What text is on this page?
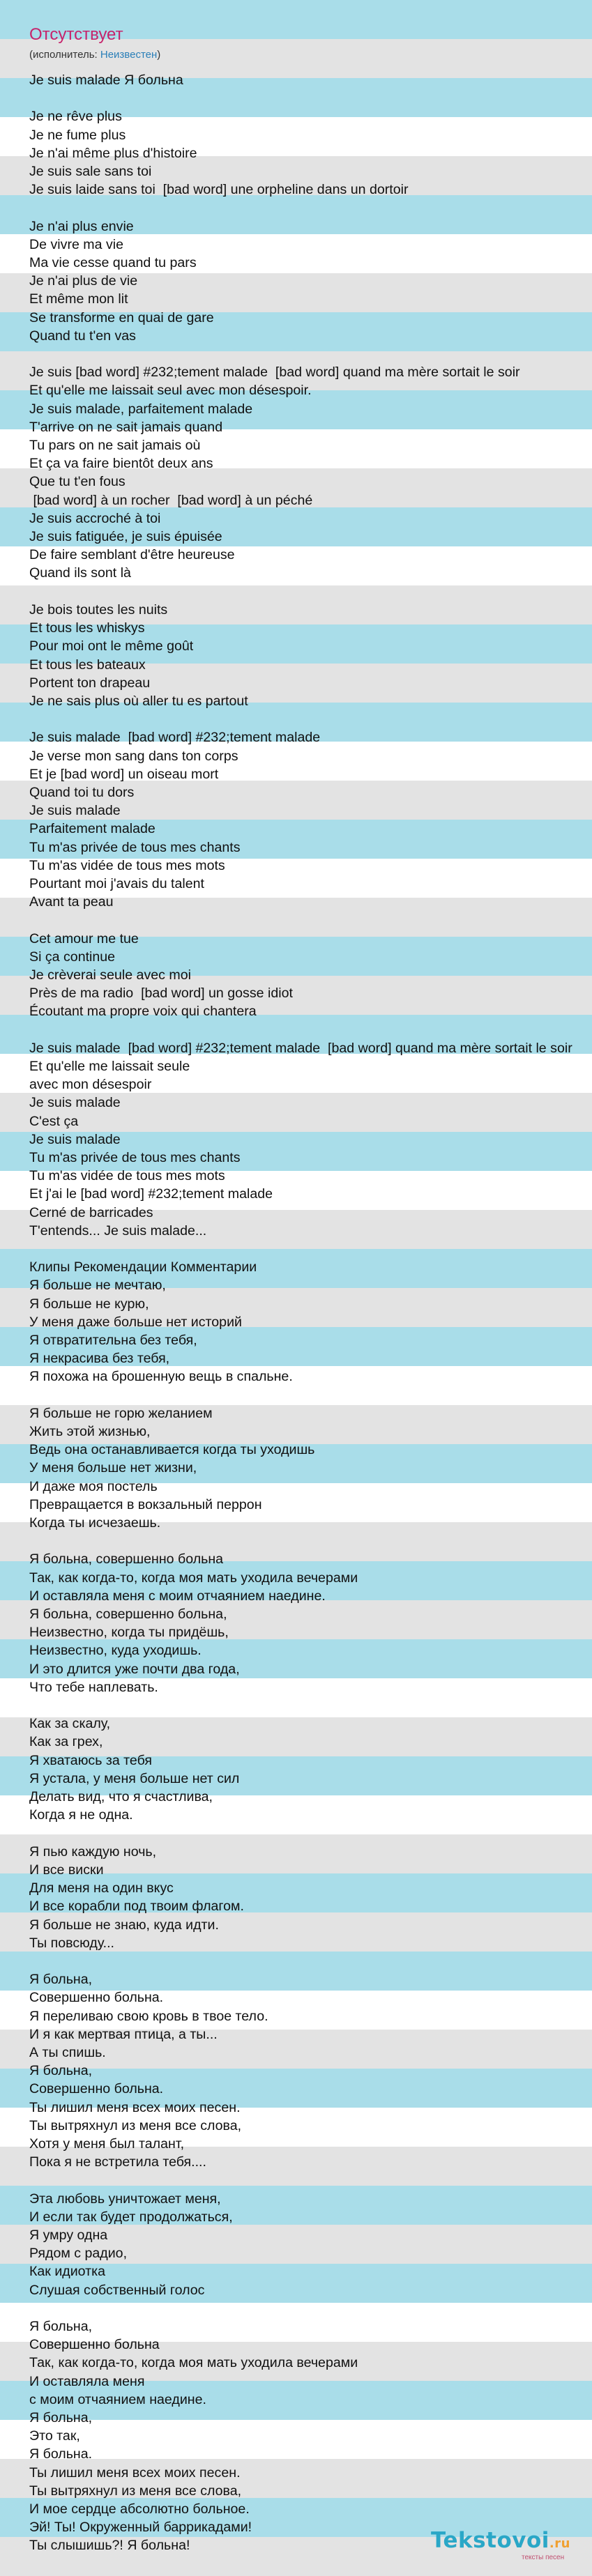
Отсутствует
(исполнитель: Неизвестен)
Je suis malade Я больна

Je ne rêve plus
Je ne fume plus
Je n'ai même plus d'histoire
Je suis sale sans toi
Je suis laide sans toi  [bad word] une orpheline dans un dortoir

Je n'ai plus envie
De vivre ma vie
Ma vie cesse quand tu pars
Je n'ai plus de vie
Et même mon lit
Se transforme en quai de gare
Quand tu t'en vas

Je suis [bad word] #232;tement malade  [bad word] quand ma mère sortait le soir
Et qu'elle me laissait seul avec mon désespoir.
Je suis malade, parfaitement malade
T'arrive on ne sait jamais quand
Tu pars on ne sait jamais où
Et ça va faire bientôt deux ans
Que tu t'en fous
[bad word] à un rocher  [bad word] à un péché
Je suis accroché à toi
Je suis fatiguée, je suis épuisée
De faire semblant d'être heureuse
Quand ils sont là

Je bois toutes les nuits
Et tous les whiskys
Pour moi ont le même goût
Et tous les bateaux
Portent ton drapeau
Je ne sais plus où aller tu es partout

Je suis malade  [bad word] #232;tement malade
Je verse mon sang dans ton corps
Et je [bad word] un oiseau mort
Quand toi tu dors
Je suis malade
Parfaitement malade
Tu m'as privée de tous mes chants
Tu m'as vidée de tous mes mots
Pourtant moi j'avais du talent
Avant ta peau

Cet amour me tue
Si ça continue
Je crèverai seule avec moi
Près de ma radio  [bad word] un gosse idiot
Écoutant ma propre voix qui chantera

Je suis malade  [bad word] #232;tement malade  [bad word] quand ma mère sortait le soir
Et qu'elle me laissait seule
avec mon désespoir
Je suis malade
C'est ça
Je suis malade
Tu m'as privée de tous mes chants
Tu m'as vidée de tous mes mots
Et j'ai le [bad word] #232;tement malade
Cerné de barricades
T'entends... Je suis malade...

Клипы Рекомендации Комментарии
Я больше не мечтаю,
Я больше не курю,
У меня даже больше нет историй
Я отвратительна без тебя,
Я некрасива без тебя,
Я похожа на брошенную вещь в спальне.

Я больше не горю желанием
Жить этой жизнью,
Ведь она останавливается когда ты уходишь
У меня больше нет жизни,
И даже моя постель
Превращается в вокзальный перрон
Когда ты исчезаешь.

Я больна, совершенно больна
Так, как когда-то, когда моя мать уходила вечерами
И оставляла меня с моим отчаянием наедине.
Я больна, совершенно больна,
Неизвестно, когда ты придёшь,
Неизвестно, куда уходишь.
И это длится уже почти два года,
Что тебе наплевать.

Как за скалу,
Как за грех,
Я хватаюсь за тебя
Я устала, у меня больше нет сил
Делать вид, что я счастлива,
Когда я не одна.

Я пью каждую ночь,
И все виски
Для меня на один вкус
И все корабли под твоим флагом.
Я больше не знаю, куда идти.
Ты повсюду...

Я больна,
Совершенно больна.
Я переливаю свою кровь в твое тело.
И я как мертвая птица, а ты...
А ты спишь.
Я больна,
Совершенно больна.
Ты лишил меня всех моих песен.
Ты вытряхнул из меня все слова,
Хотя у меня был талант,
Пока я не встретила тебя....

Эта любовь уничтожает меня,
И если так будет продолжаться,
Я умру одна
Рядом с радио,
Как идиотка
Слушая собственный голос

Я больна,
Совершенно больна
Так, как когда-то, когда моя мать уходила вечерами
И оставляла меня
с моим отчаянием наедине.
Я больна,
Это так,
Я больна.
Ты лишил меня всех моих песен.
Ты вытряхнул из меня все слова,
И мое сердце абсолютно больное.
Эй! Ты! Окруженный баррикадами!
Ты слышишь?! Я больна!	Tekstovoi.ru
тексты песен
